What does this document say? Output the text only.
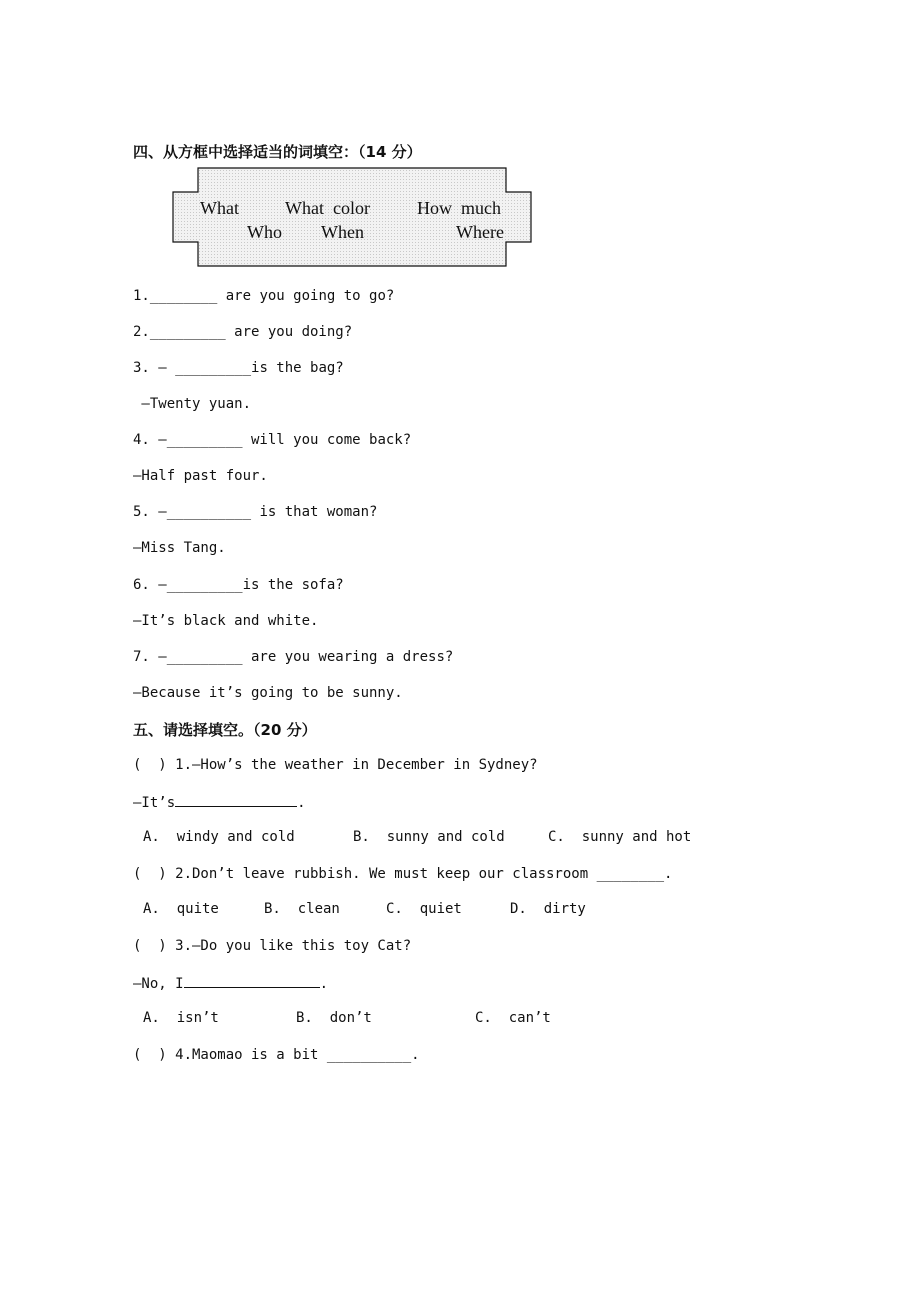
四、从方框中选择适当的词填空：（14 分）
What	What  color	How  much
Who When	Where
1.________ are you going to go?
2._________ are you doing?
3. — _________is the bag?
—Twenty yuan.
4. —_________ will you come back?
—Half past four.
5. —__________ is that woman?
—Miss Tang.
6. —_________is the sofa?
—It’s black and white.
7. —_________ are you wearing a dress?
—Because it’s going to be sunny.
五、请选择填空。（20 分）
(  ) 1.—How’s the weather in December in Sydney?
—It’s	.
A.  windy and cold	B.  sunny and cold	C.  sunny and hot
(  ) 2.Don’t leave rubbish. We must keep our classroom ________.
A.  quite	B.  clean	C.  quiet	D.  dirty
(  ) 3.—Do you like this toy Cat?
—No, I	.
A.  isn’t	B.  don’t	C.  can’t
(  ) 4.Maomao is a bit __________.
